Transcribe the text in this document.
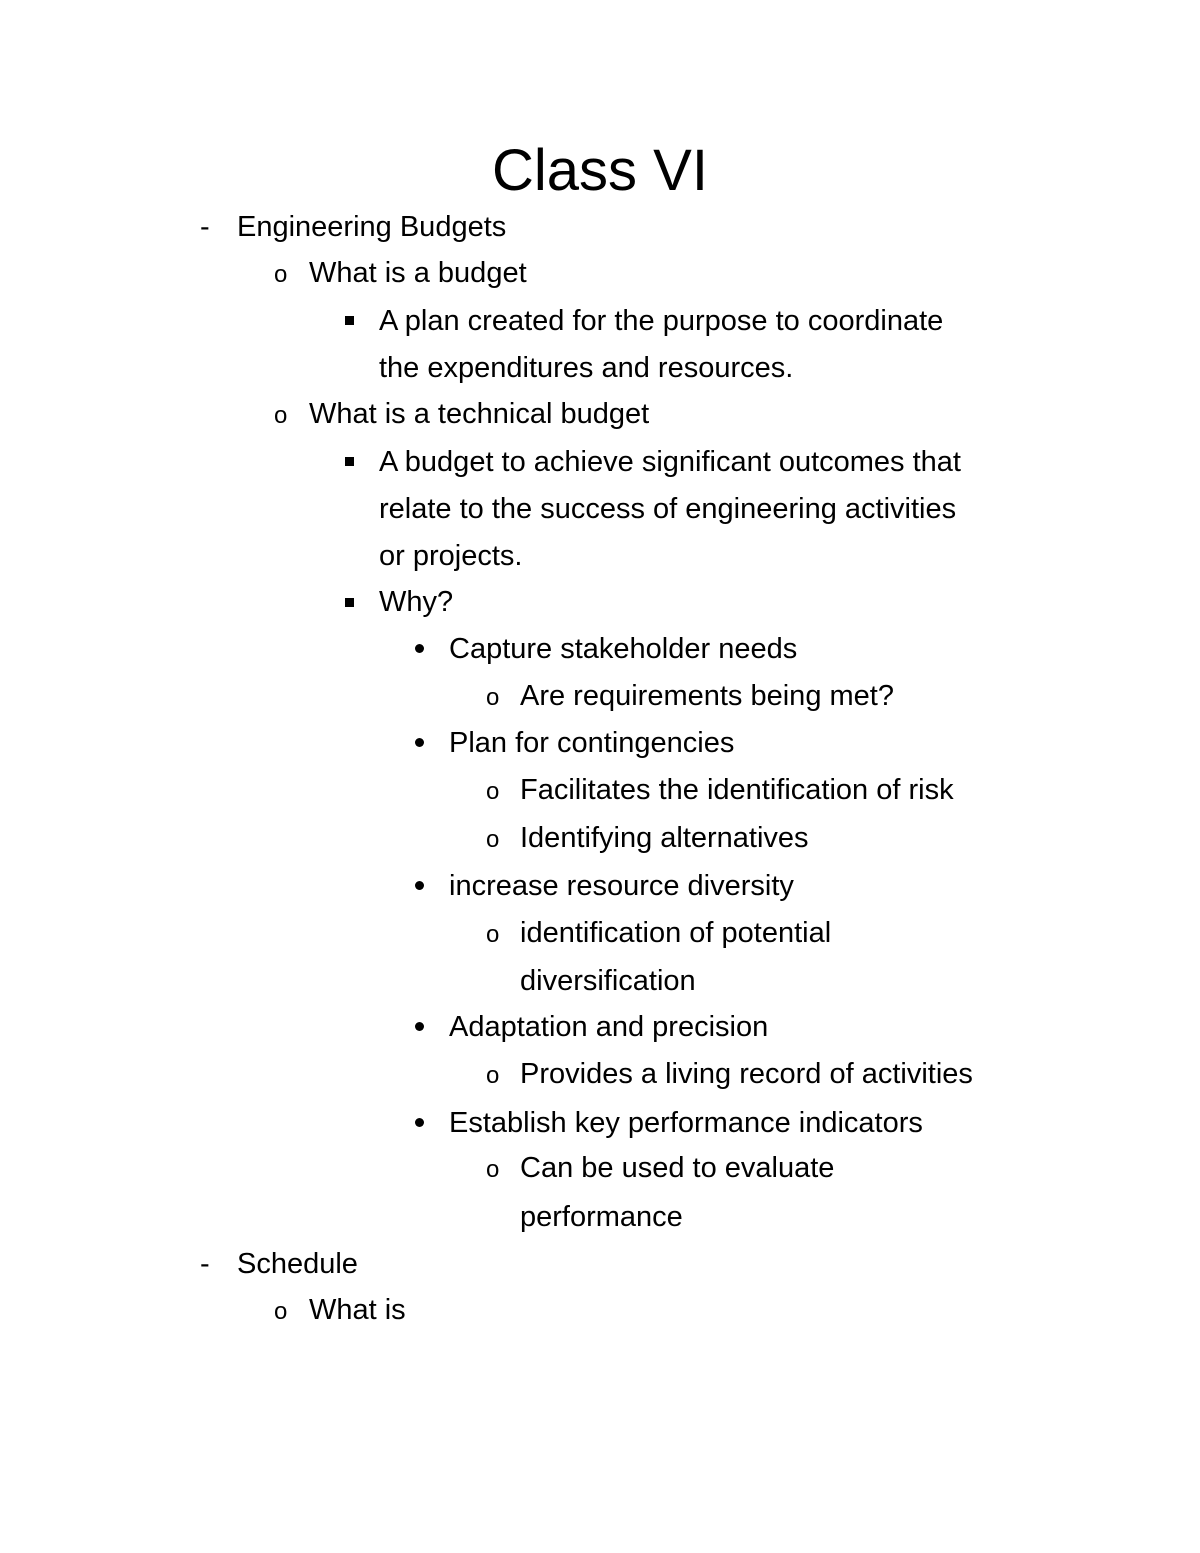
Class VI
- Engineering Budgets
o What is a budget
A plan created for the purpose to coordinate
the expenditures and resources.
o What is a technical budget
A budget to achieve significant outcomes that
relate to the success of engineering activities
or projects.
Why?
Capture stakeholder needs
o Are requirements being met?
Plan for contingencies
o Facilitates the identification of risk
o Identifying alternatives
increase resource diversity
o identification of potential
diversification
Adaptation and precision
o Provides a living record of activities
Establish key performance indicators
o Can be used to evaluate
performance
- Schedule
o What is
